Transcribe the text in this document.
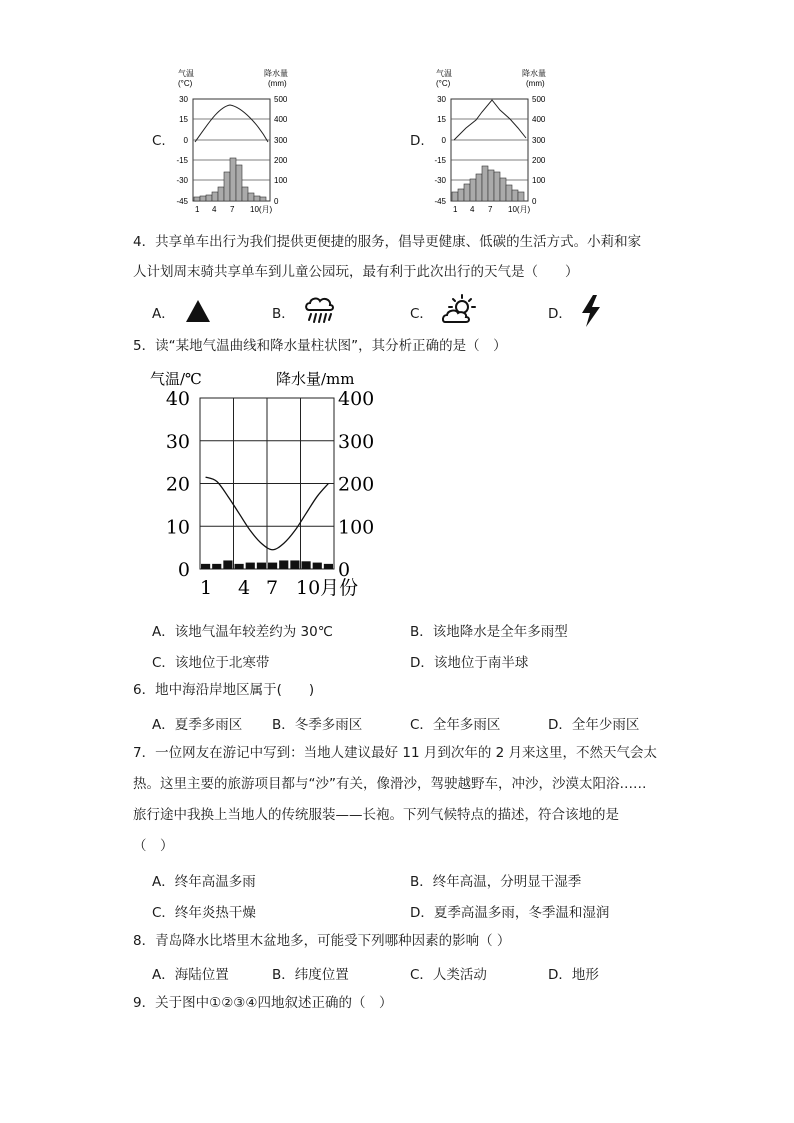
C.
气温
(°C)
降水量
(mm)
30
15
0
-15
-30
-45
500
400
300
200
100
0
1 4 7 10(月)
D.
气温
(°C)
降水量
(mm)
30
15
0
-15
-30
-45
500
400
300
200
100
0
1 4 7 10(月)
4．共享单车出行为我们提供更便捷的服务，倡导更健康、低碳的生活方式。小莉和家
人计划周末骑共享单车到儿童公园玩，最有利于此次出行的天气是（　　）
A．	B．	C．	D．
5．读“某地气温曲线和降水量柱状图”，其分析正确的是（　）
气温/℃	降水量/mm
40
30
20
10
0
400
300
200
100
0
1 4 7 10月份
A．该地气温年较差约为 30℃	B．该地降水是全年多雨型
C．该地位于北寒带	D．该地位于南半球
6．地中海沿岸地区属于(　　)
A．夏季多雨区 B．冬季多雨区	C．全年多雨区	D．全年少雨区
7．一位网友在游记中写到：当地人建议最好 11 月到次年的 2 月来这里，不然天气会太
热。这里主要的旅游项目都与“沙”有关，像滑沙，驾驶越野车，冲沙，沙漠太阳浴……
旅行途中我换上当地人的传统服装——长袍。下列气候特点的描述，符合该地的是
（　）
A．终年高温多雨	B．终年高温，分明显干湿季
C．终年炎热干燥	D．夏季高温多雨，冬季温和湿润
8．青岛降水比塔里木盆地多，可能受下列哪种因素的影响（ ）
A．海陆位置	B．纬度位置	C．人类活动	D．地形
9．关于图中①②③④四地叙述正确的（　）
